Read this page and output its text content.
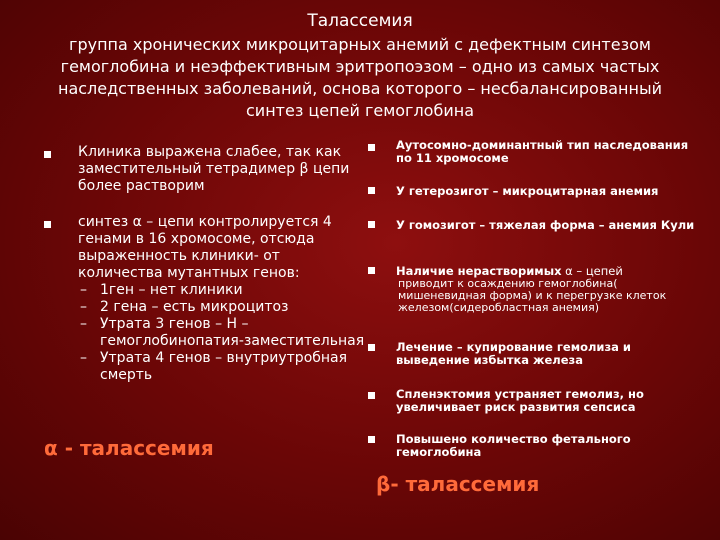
Талассемия
группа хронических микроцитарных анемий с дефектным синтезом гемоглобина и неэффективным эритропоэзом – одно из самых частых наследственных заболеваний, основа которого – несбалансированный синтез цепей гемоглобина
Клиника выражена слабее, так как заместительный тетрадимер β цепи более растворим
синтез α – цепи контролируется 4 генами в 16 хромосоме, отсюда выраженность клиники- от количества мутантных генов:
– 1ген – нет клиники
– 2 гена – есть микроцитоз
– Утрата 3 генов – Н – гемоглобинопатия-заместительная
– Утрата 4 генов – внутриутробная смерть
α - талассемия
Аутосомно-доминантный тип наследования по 11 хромосоме
У гетерозигот – микроцитарная анемия
У гомозигот – тяжелая форма – анемия Кули
Наличие нерастворимых α – цепей
приводит к осаждению гемоглобина( мишеневидная форма) и к перегрузке клеток железом(сидеробластная анемия)
Лечение – купирование гемолиза и выведение избытка железа
Спленэктомия устраняет гемолиз, но увеличивает риск развития сепсиса
Повышено количество фетального гемоглобина
β- талассемия
